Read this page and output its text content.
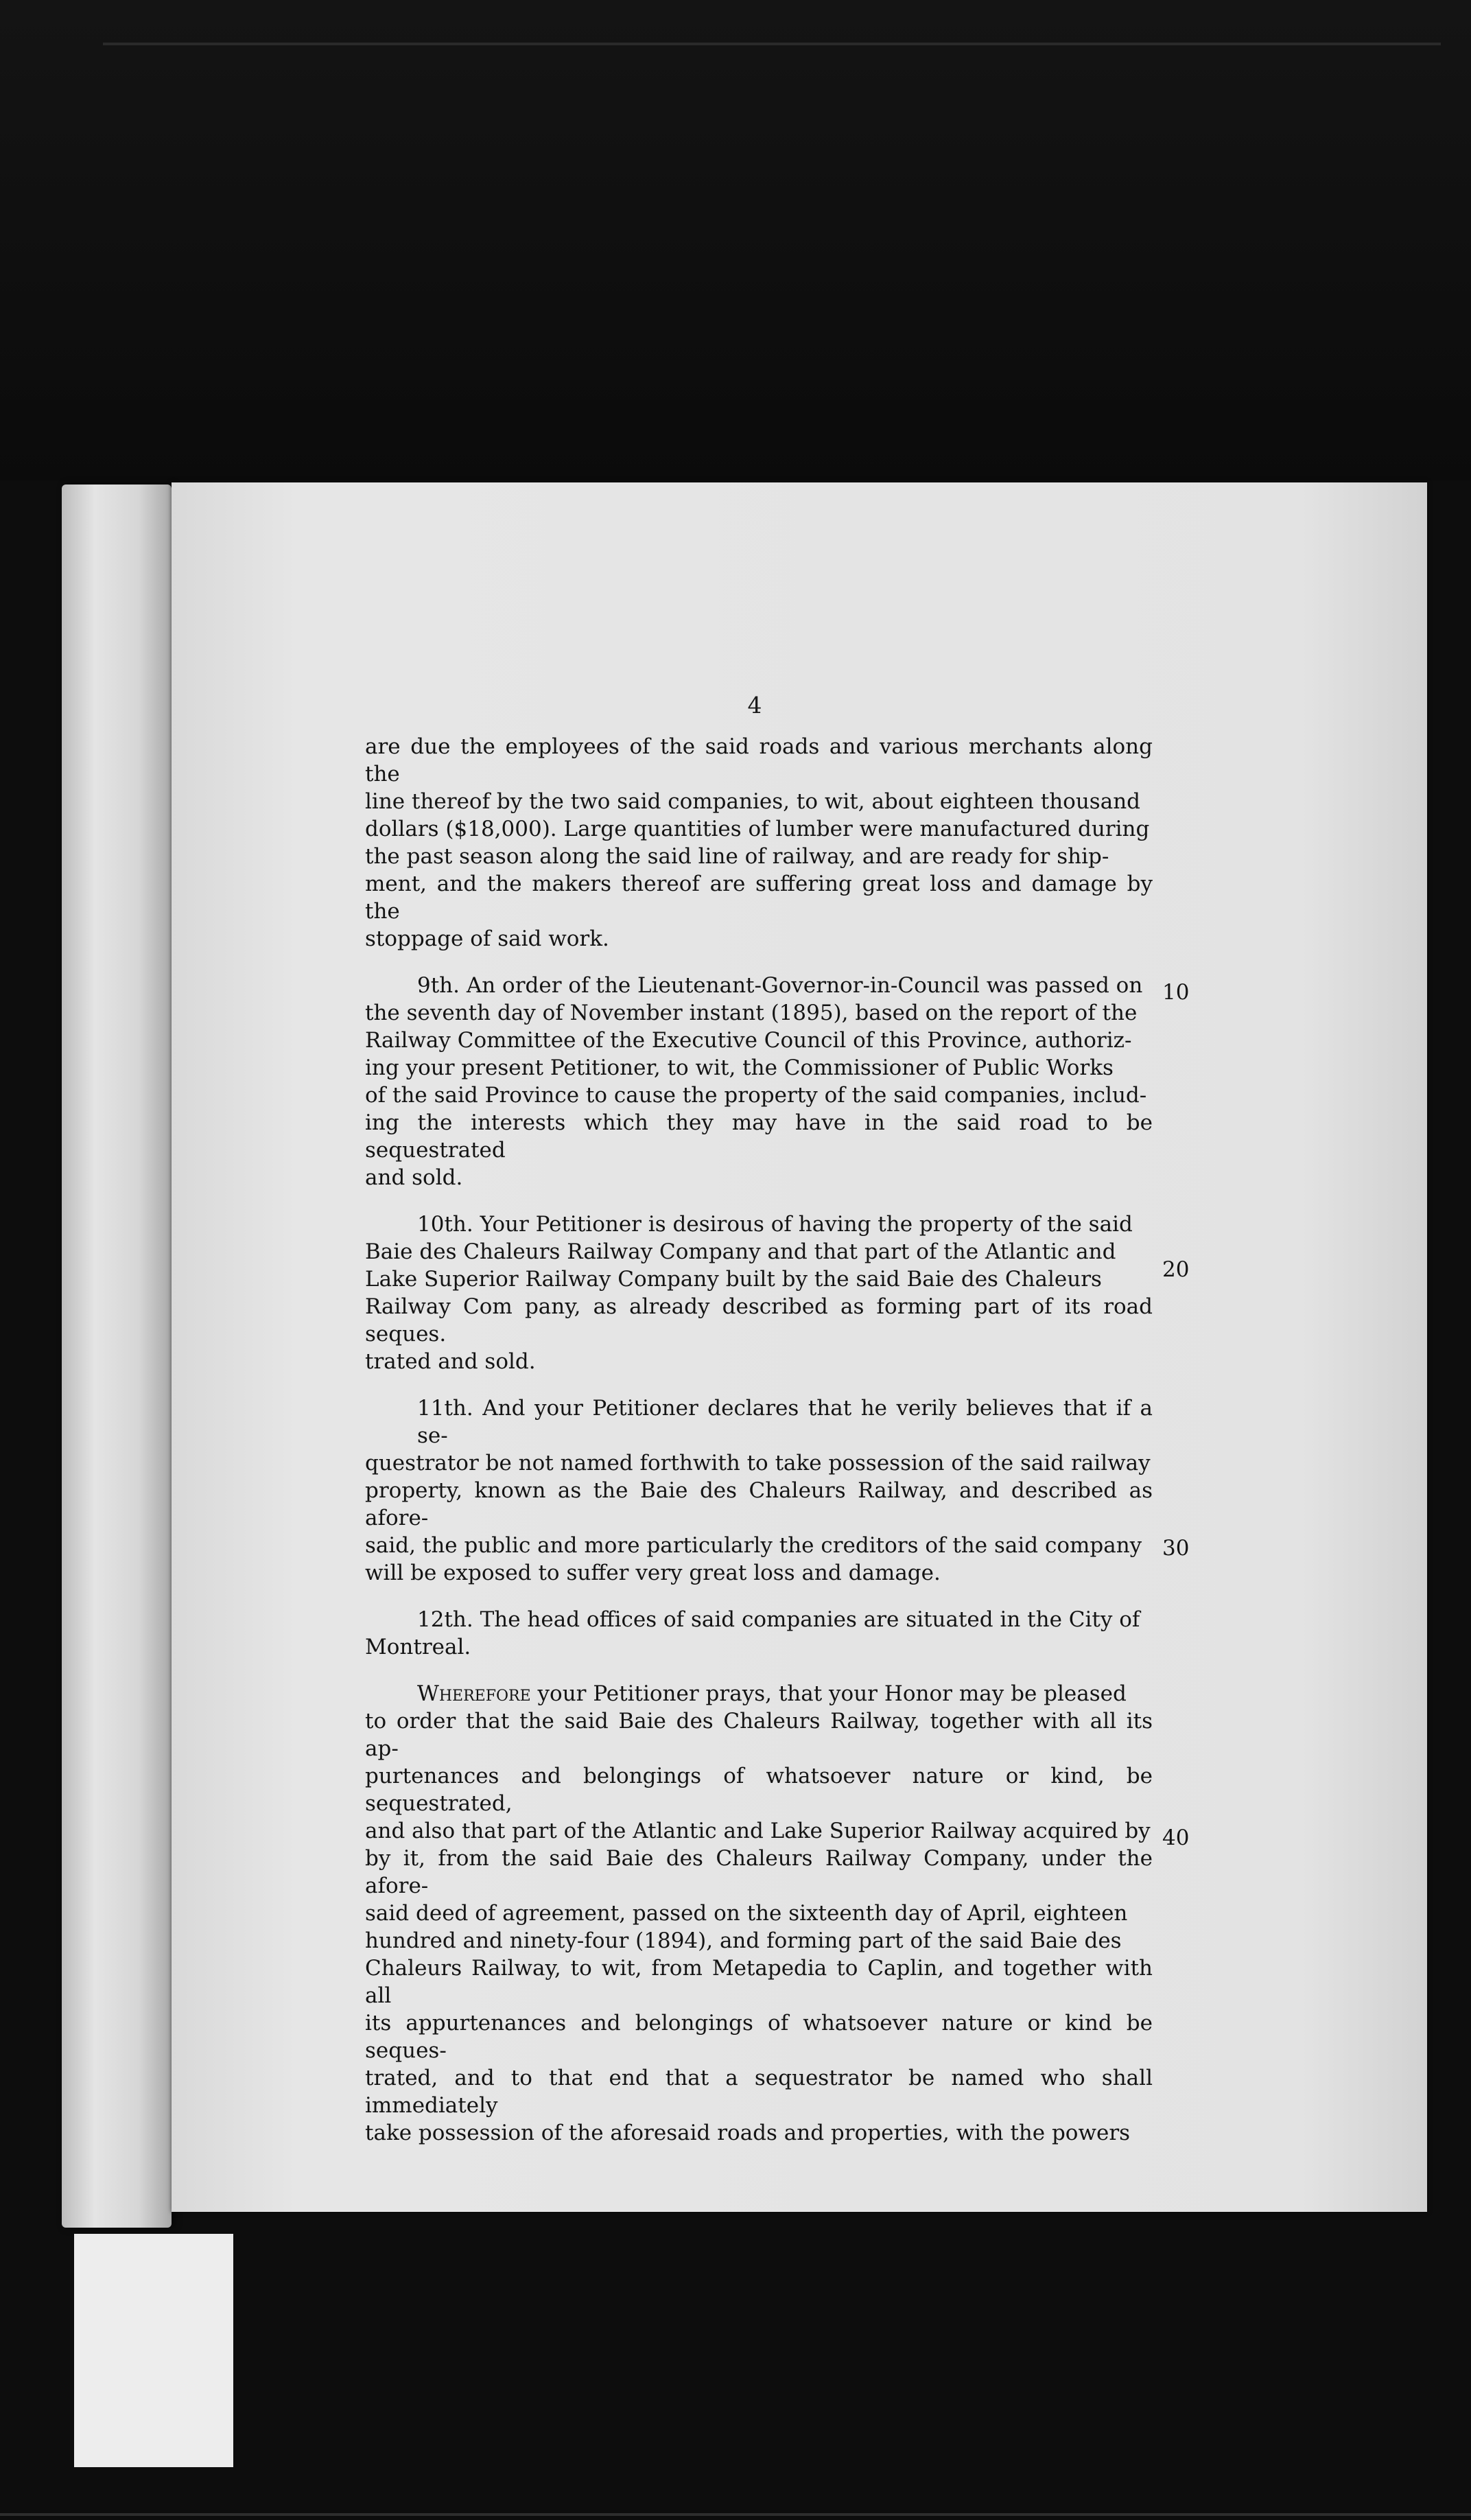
4

are due the employees of the said roads and various merchants along the
line thereof by the two said companies, to wit, about eighteen thousand
dollars ($18,000). Large quantities of lumber were manufactured during
the past season along the said line of railway, and are ready for ship-
ment, and the makers thereof are suffering great loss and damage by the
stoppage of said work.

9th. An order of the Lieutenant-Governor-in-Council was passed on
the seventh day of November instant (1895), based on the report of the
Railway Committee of the Executive Council of this Province, authoriz-
ing your present Petitioner, to wit, the Commissioner of Public Works
of the said Province to cause the property of the said companies, includ-
ing the interests which they may have in the said road to be sequestrated
and sold.

10th. Your Petitioner is desirous of having the property of the said
Baie des Chaleurs Railway Company and that part of the Atlantic and
Lake Superior Railway Company built by the said Baie des Chaleurs
Railway Com pany, as already described as forming part of its road seques.
trated and sold.

11th. And your Petitioner declares that he verily believes that if a se-
questrator be not named forthwith to take possession of the said railway
property, known as the Baie des Chaleurs Railway, and described as afore-
said, the public and more particularly the creditors of the said company
will be exposed to suffer very great loss and damage.

12th. The head offices of said companies are situated in the City of
Montreal.

Wherefore your Petitioner prays, that your Honor may be pleased
to order that the said Baie des Chaleurs Railway, together with all its ap-
purtenances and belongings of whatsoever nature or kind, be sequestrated,
and also that part of the Atlantic and Lake Superior Railway acquired by
by it, from the said Baie des Chaleurs Railway Company, under the afore-
said deed of agreement, passed on the sixteenth day of April, eighteen
hundred and ninety-four (1894), and forming part of the said Baie des
Chaleurs Railway, to wit, from Metapedia to Caplin, and together with all
its appurtenances and belongings of whatsoever nature or kind be seques-
trated, and to that end that a sequestrator be named who shall immediately
take possession of the aforesaid roads and properties, with the powers

10
20
30
40
